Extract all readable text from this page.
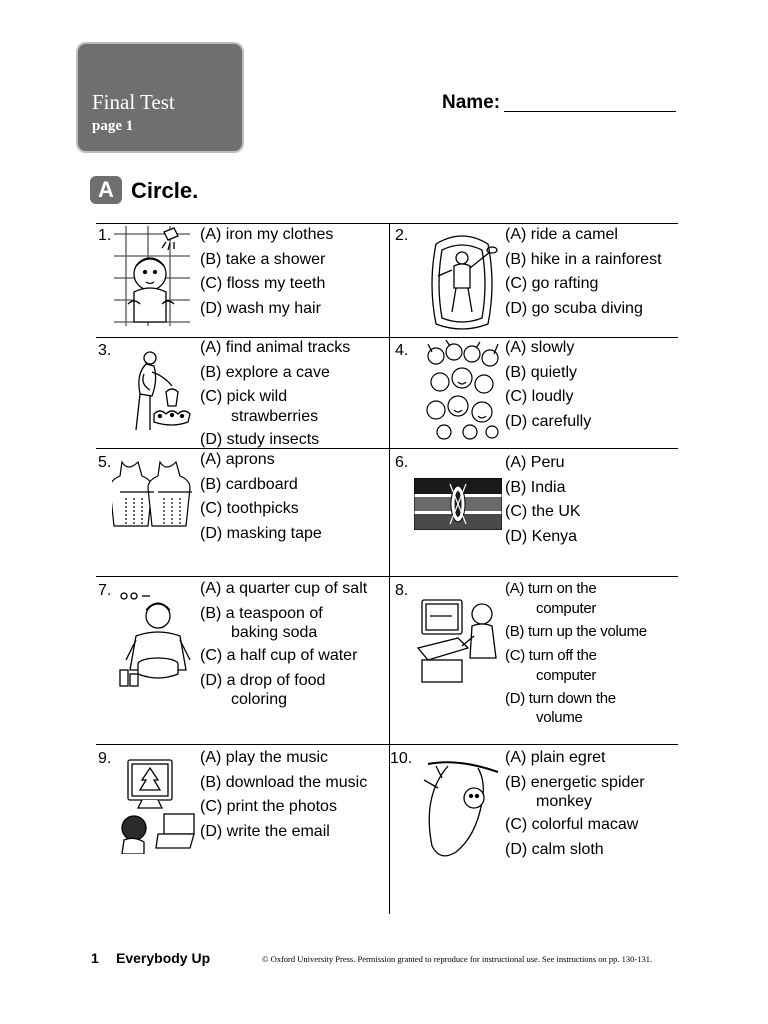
Final Test
page 1
Name:
A Circle.
1.	(A) iron my clothes
(B) take a shower
(C) floss my teeth
(D) wash my hair
2.	(A) ride a camel
(B) hike in a rainforest
(C) go rafting
(D) go scuba diving
3.	(A) find animal tracks
(B) explore a cave
(C) pick wild
strawberries
(D) study insects
4.	(A) slowly
(B) quietly
(C) loudly
(D) carefully
5.	(A) aprons
(B) cardboard
(C) toothpicks
(D) masking tape
6.	(A) Peru
(B) India
(C) the UK
(D) Kenya
7.	(A) a quarter cup of salt
(B) a teaspoon of
baking soda
(C) a half cup of water
(D) a drop of food
coloring
8.	(A) turn on the
computer
(B) turn up the volume
(C) turn off the
computer
(D) turn down the
volume
9.	(A) play the music
(B) download the music
(C) print the photos
(D) write the email
10.	(A) plain egret
(B) energetic spider
monkey
(C) colorful macaw
(D) calm sloth
1 Everybody Up	© Oxford University Press. Permission granted to reproduce for instructional use. See instructions on pp. 130-131.
